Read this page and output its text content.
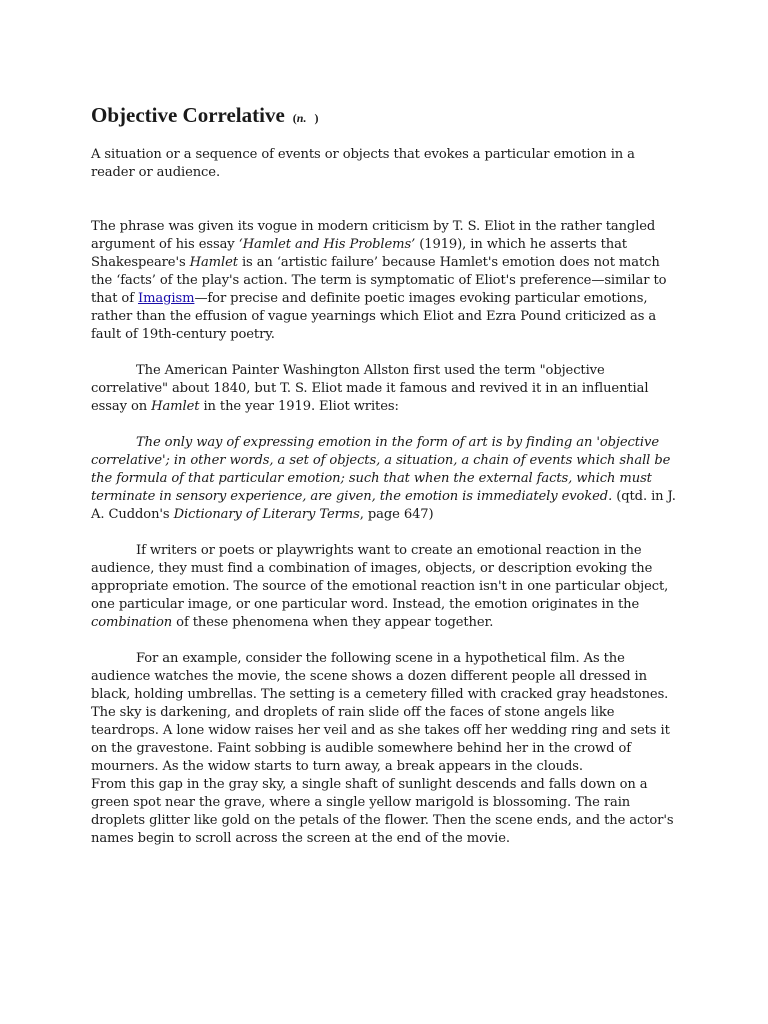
Objective Correlative (n. )

A situation or a sequence of events or objects that evokes a particular emotion in a reader or audience.

The phrase was given its vogue in modern criticism by T. S. Eliot in the rather tangled argument of his essay ‘Hamlet and His Problems’ (1919), in which he asserts that Shakespeare's Hamlet is an ‘artistic failure’ because Hamlet's emotion does not match the ‘facts’ of the play's action. The term is symptomatic of Eliot's preference—similar to that of Imagism—for precise and definite poetic images evoking particular emotions, rather than the effusion of vague yearnings which Eliot and Ezra Pound criticized as a fault of 19th-century poetry.

The American Painter Washington Allston first used the term "objective correlative" about 1840, but T. S. Eliot made it famous and revived it in an influential essay on Hamlet in the year 1919. Eliot writes:

The only way of expressing emotion in the form of art is by finding an 'objective correlative'; in other words, a set of objects, a situation, a chain of events which shall be the formula of that particular emotion; such that when the external facts, which must terminate in sensory experience, are given, the emotion is immediately evoked. (qtd. in J. A. Cuddon's Dictionary of Literary Terms, page 647)

If writers or poets or playwrights want to create an emotional reaction in the audience, they must find a combination of images, objects, or description evoking the appropriate emotion. The source of the emotional reaction isn't in one particular object, one particular image, or one particular word. Instead, the emotion originates in the combination of these phenomena when they appear together.

For an example, consider the following scene in a hypothetical film. As the audience watches the movie, the scene shows a dozen different people all dressed in black, holding umbrellas. The setting is a cemetery filled with cracked gray headstones. The sky is darkening, and droplets of rain slide off the faces of stone angels like teardrops. A lone widow raises her veil and as she takes off her wedding ring and sets it on the gravestone. Faint sobbing is audible somewhere behind her in the crowd of mourners. As the widow starts to turn away, a break appears in the clouds.

From this gap in the gray sky, a single shaft of sunlight descends and falls down on a green spot near the grave, where a single yellow marigold is blossoming. The rain droplets glitter like gold on the petals of the flower. Then the scene ends, and the actor's names begin to scroll across the screen at the end of the movie.
